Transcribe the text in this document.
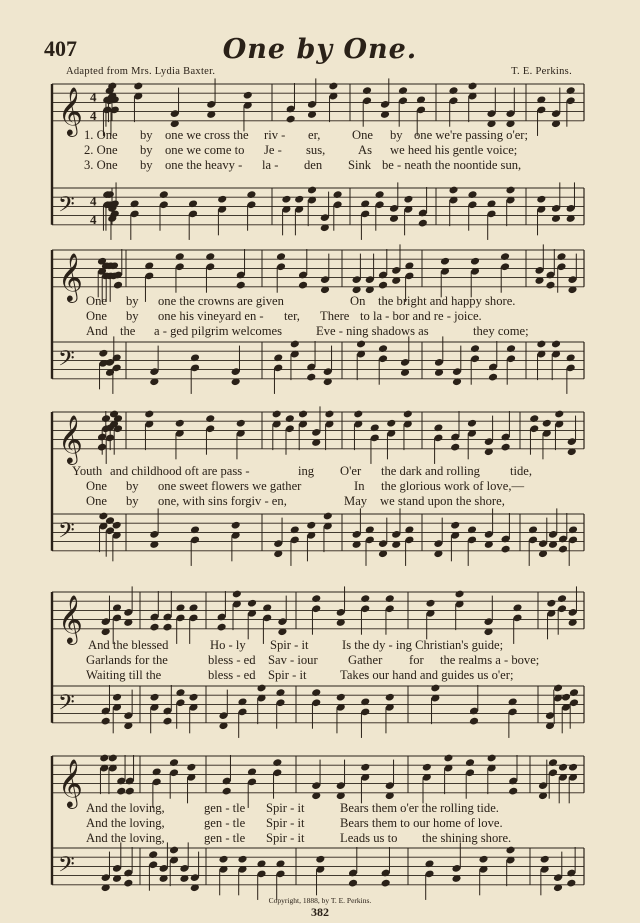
407	One by One.
Adapted from Mrs. Lydia Baxter.	T. E. Perkins.
𝄞 4
4
𝄢 4
4
𝄞
𝄢
𝄞
𝄢
𝄞
𝄢
𝄞
𝄢
1. One by one we cross the riv - er,	One by one we're passing o'er;
2. One by one we come to Je - sus,	As we heed his gentle voice;
3. One by one the heavy - la - den Sink be - neath the noontide sun,
One by one the crowns are given	On the bright and happy shore.
One by one his vineyard en - ter, There to la - bor and re - joice.
And the a - ged pilgrim welcomes	Eve - ning shadows as	they come;
Youth and childhood oft are pass -	ing O'er the dark and rolling tide,
One by one sweet flowers we gather	In the glorious work of love,—
One by one, with sins forgiv - en,	May we stand upon the shore,
And the blessed	Ho - ly Spir - it	Is the dy - ing Christian's guide;
Garlands for the	bless - ed Sav - iour Gather for the realms a - bove;
Waiting till the	bless - ed Spir - it	Takes our hand and guides us o'er;
And the loving,	gen - tle Spir - it	Bears them o'er the rolling tide.
And the loving,	gen - tle Spir - it	Bears them to our home of love.
And the loving,	gen - tle Spir - it	Leads us to the shining shore.
Copyright, 1888, by T. E. Perkins.
382
